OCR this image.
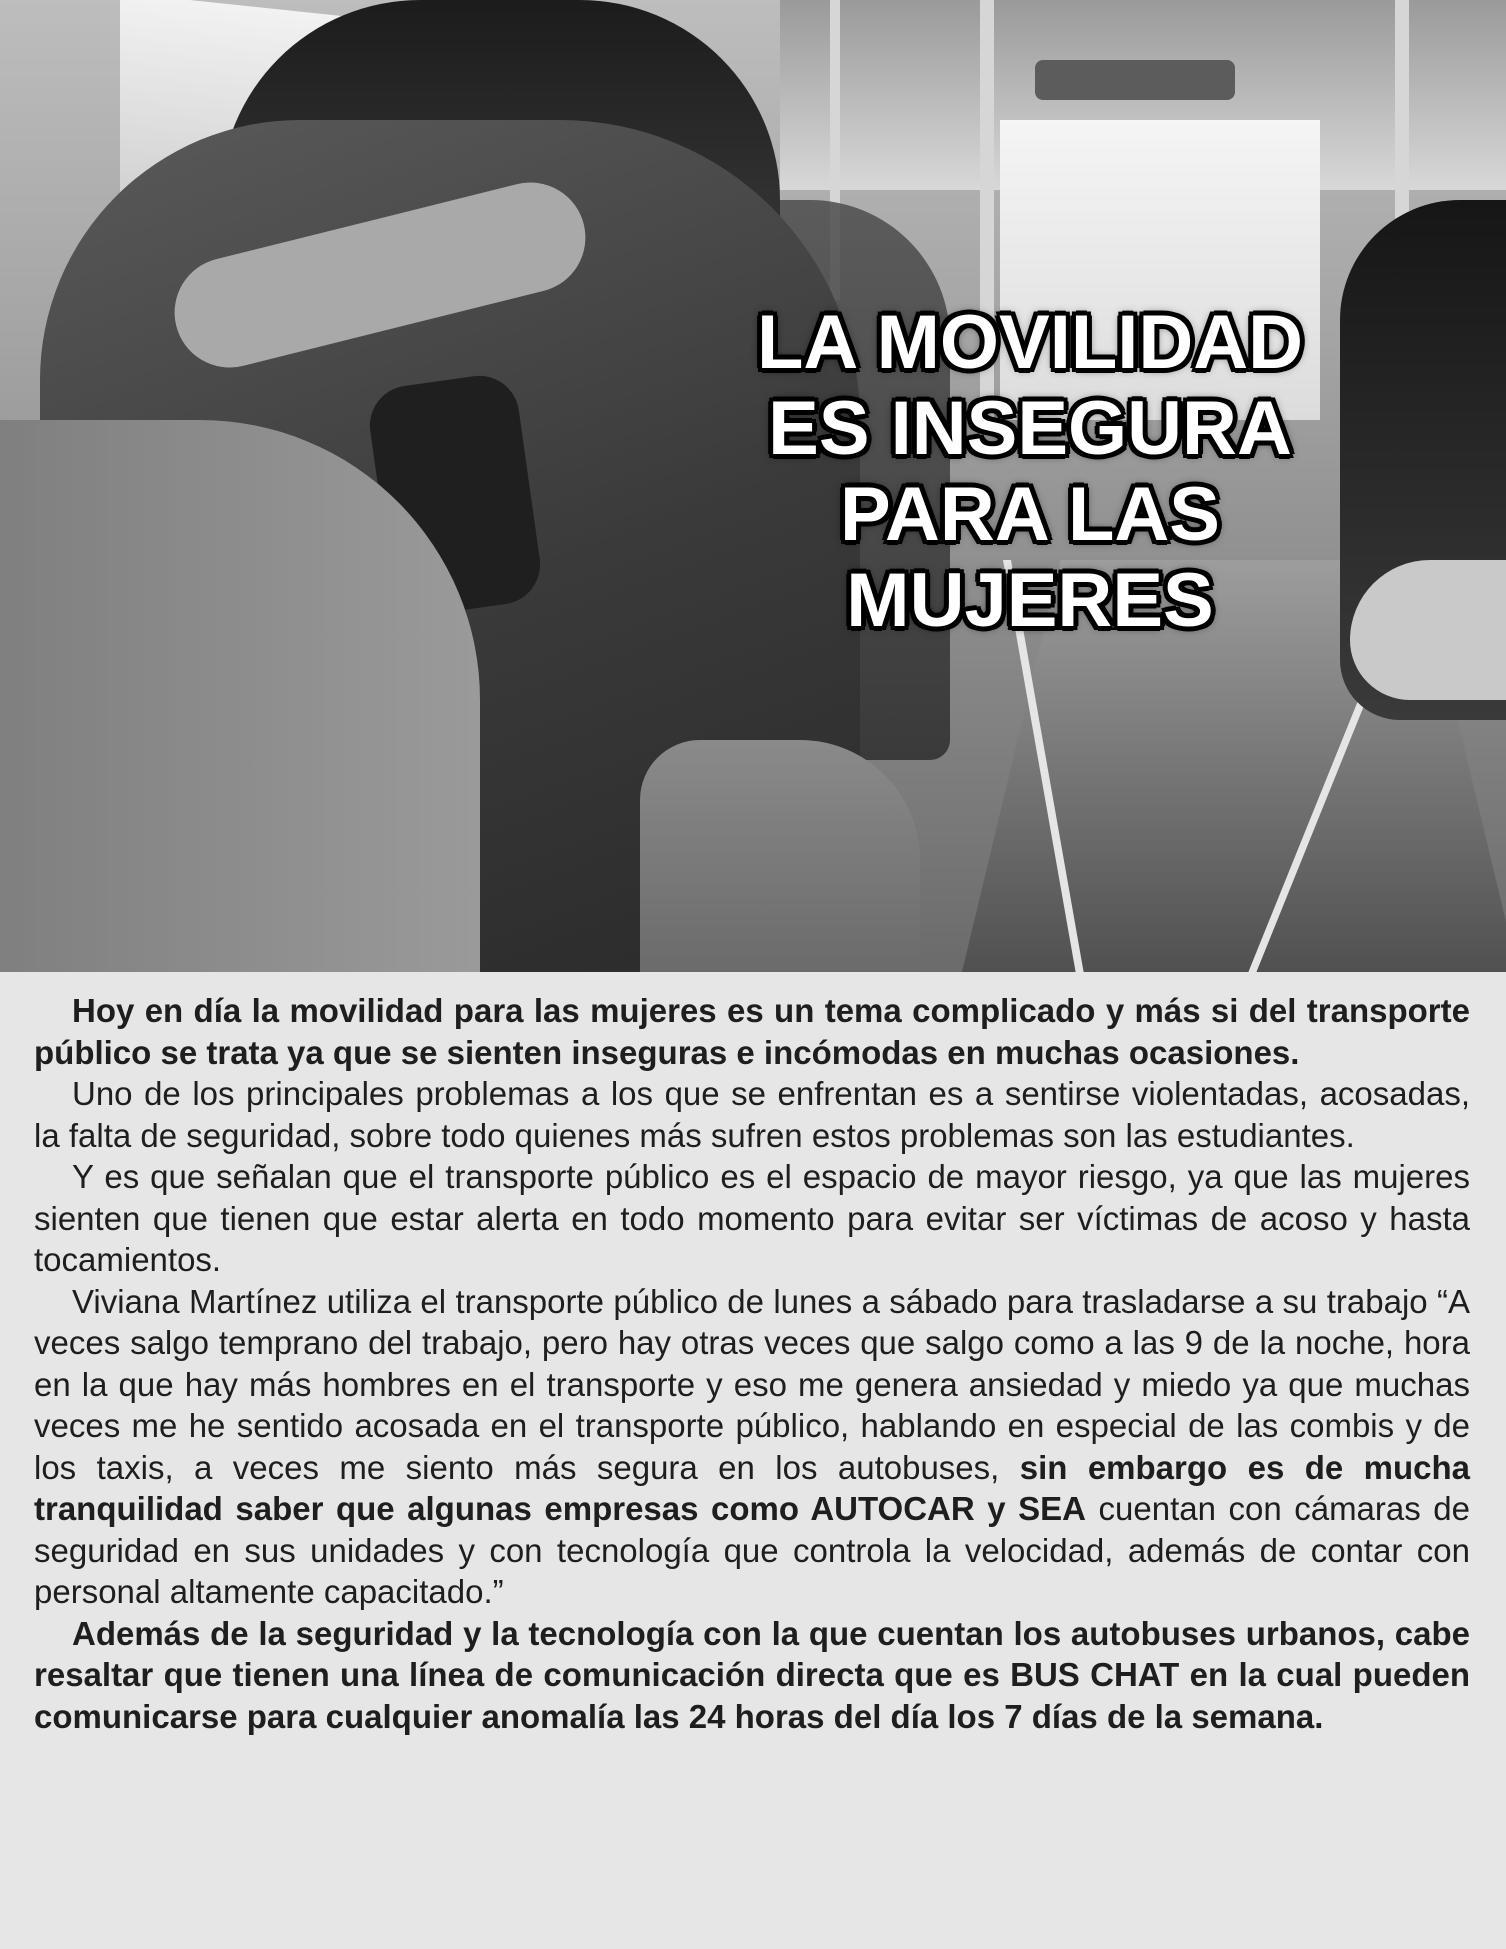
LA MOVILIDAD
ES INSEGURA
PARA LAS
MUJERES

Hoy en día la movilidad para las mujeres es un tema complicado y más si del transporte público se trata ya que se sienten inseguras e incómodas en muchas ocasiones.

Uno de los principales problemas a los que se enfrentan es a sentirse violentadas, acosadas, la falta de seguridad, sobre todo quienes más sufren estos problemas son las estudiantes.

Y es que señalan que el transporte público es el espacio de mayor riesgo, ya que las mujeres sienten que tienen que estar alerta en todo momento para evitar ser víctimas de acoso y hasta tocamientos.

Viviana Martínez utiliza el transporte público de lunes a sábado para trasladarse a su trabajo “A veces salgo temprano del trabajo, pero hay otras veces que salgo como a las 9 de la noche, hora en la que hay más hombres en el transporte y eso me genera ansiedad y miedo ya que muchas veces me he sentido acosada en el transporte público, hablando en especial de las combis y de los taxis, a veces me siento más segura en los autobuses, sin embargo es de mucha tranquilidad saber que algunas empresas como AUTOCAR y SEA cuentan con cámaras de seguridad en sus unidades y con tecnología que controla la velocidad, además de contar con personal altamente capacitado.”

Además de la seguridad y la tecnología con la que cuentan los autobuses urbanos, cabe resaltar que tienen una línea de comunicación directa que es BUS CHAT en la cual pueden comunicarse para cualquier anomalía las 24 horas del día los 7 días de la semana.
